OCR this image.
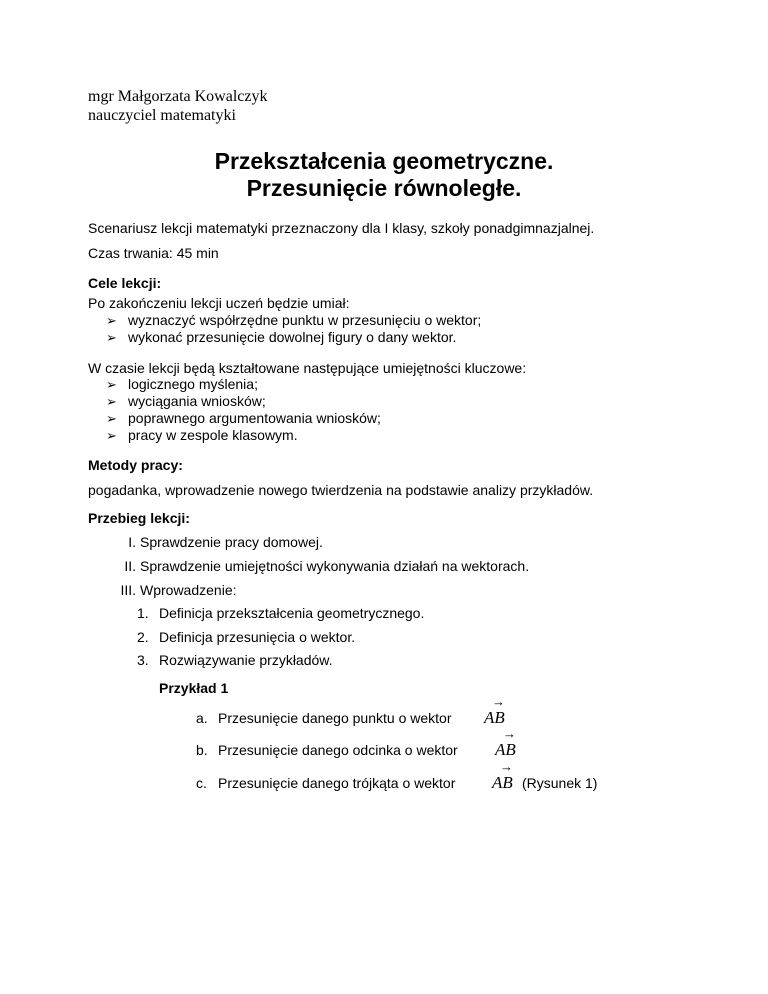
mgr Małgorzata Kowalczyk
nauczyciel matematyki
Przekształcenia geometryczne.
Przesunięcie równoległe.
Scenariusz lekcji matematyki przeznaczony dla I klasy, szkoły ponadgimnazjalnej.
Czas trwania: 45 min
Cele lekcji:
Po zakończeniu lekcji uczeń będzie umiał:
➢ wyznaczyć współrzędne punktu w przesunięciu o wektor;
➢ wykonać przesunięcie dowolnej figury o dany wektor.
W czasie lekcji będą kształtowane następujące umiejętności kluczowe:
➢ logicznego myślenia;
➢ wyciągania wniosków;
➢ poprawnego argumentowania wniosków;
➢ pracy w zespole klasowym.
Metody pracy:
pogadanka, wprowadzenie nowego twierdzenia na podstawie analizy przykładów.
Przebieg lekcji:
I. Sprawdzenie pracy domowej.
II. Sprawdzenie umiejętności wykonywania działań na wektorach.
III. Wprowadzenie:
1. Definicja przekształcenia geometrycznego.
2. Definicja przesunięcia o wektor.
3. Rozwiązywanie przykładów.
Przykład 1
a. Przesunięcie danego punktu o wektor
→
AB
b. Przesunięcie danego odcinka o wektor
→
AB
c. Przesunięcie danego trójkąta o wektor
→
AB (Rysunek 1)
